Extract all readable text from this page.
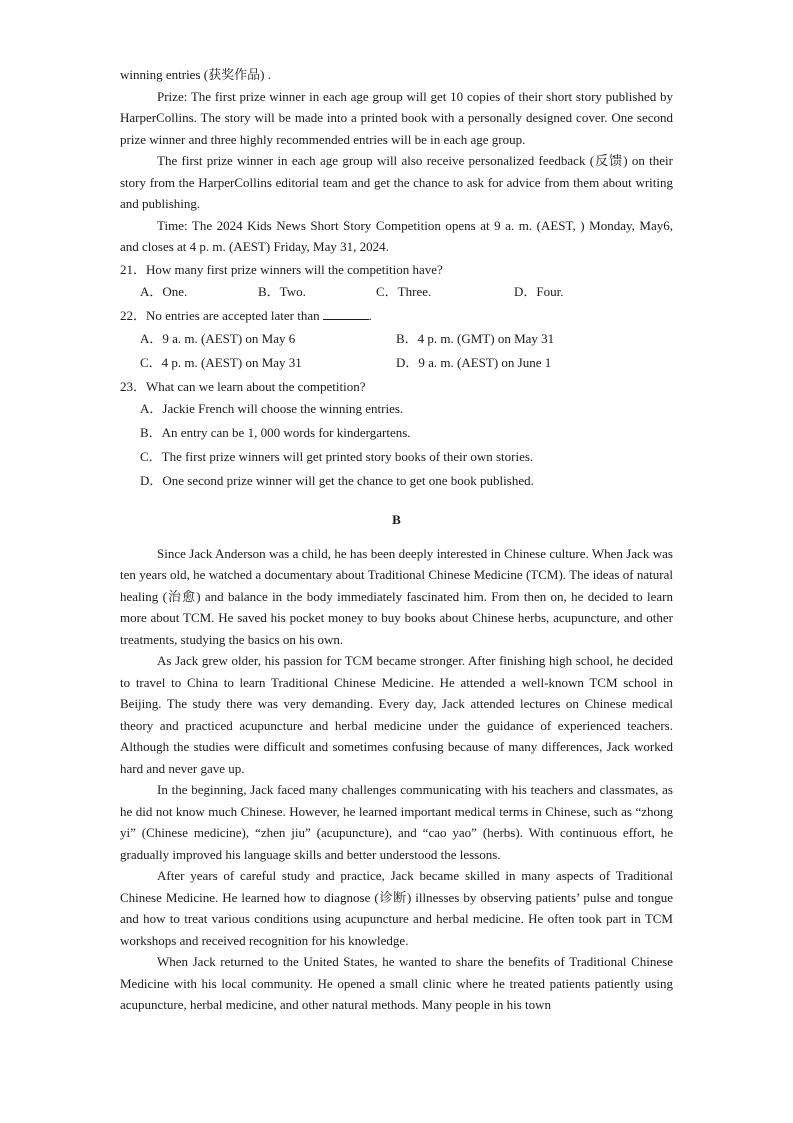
winning entries (获奖作品) .

Prize: The first prize winner in each age group will get 10 copies of their short story published by HarperCollins. The story will be made into a printed book with a personally designed cover. One second prize winner and three highly recommended entries will be in each age group.

The first prize winner in each age group will also receive personalized feedback (反馈) on their story from the HarperCollins editorial team and get the chance to ask for advice from them about writing and publishing.

Time: The 2024 Kids News Short Story Competition opens at 9 a. m. (AEST, ) Monday, May6, and closes at 4 p. m. (AEST) Friday, May 31, 2024.

21．How many first prize winners will the competition have?

A．One.	B．Two.	C．Three.	D．Four.

22．No entries are accepted later than	.

A．9 a. m. (AEST) on May 6	B．4 p. m. (GMT) on May 31
C．4 p. m. (AEST) on May 31	D．9 a. m. (AEST) on June 1

23．What can we learn about the competition?

A．Jackie French will choose the winning entries.
B．An entry can be 1, 000 words for kindergartens.
C．The first prize winners will get printed story books of their own stories.
D．One second prize winner will get the chance to get one book published.
B

Since Jack Anderson was a child, he has been deeply interested in Chinese culture. When Jack was ten years old, he watched a documentary about Traditional Chinese Medicine (TCM). The ideas of natural healing (治愈) and balance in the body immediately fascinated him. From then on, he decided to learn more about TCM. He saved his pocket money to buy books about Chinese herbs, acupuncture, and other treatments, studying the basics on his own.

As Jack grew older, his passion for TCM became stronger. After finishing high school, he decided to travel to China to learn Traditional Chinese Medicine. He attended a well-known TCM school in Beijing. The study there was very demanding. Every day, Jack attended lectures on Chinese medical theory and practiced acupuncture and herbal medicine under the guidance of experienced teachers. Although the studies were difficult and sometimes confusing because of many differences, Jack worked hard and never gave up.

In the beginning, Jack faced many challenges communicating with his teachers and classmates, as he did not know much Chinese. However, he learned important medical terms in Chinese, such as “zhong yi” (Chinese medicine), “zhen jiu” (acupuncture), and “cao yao” (herbs). With continuous effort, he gradually improved his language skills and better understood the lessons.

After years of careful study and practice, Jack became skilled in many aspects of Traditional Chinese Medicine. He learned how to diagnose (诊断) illnesses by observing patients’ pulse and tongue and how to treat various conditions using acupuncture and herbal medicine. He often took part in TCM workshops and received recognition for his knowledge.

When Jack returned to the United States, he wanted to share the benefits of Traditional Chinese Medicine with his local community. He opened a small clinic where he treated patients patiently using acupuncture, herbal medicine, and other natural methods. Many people in his town
